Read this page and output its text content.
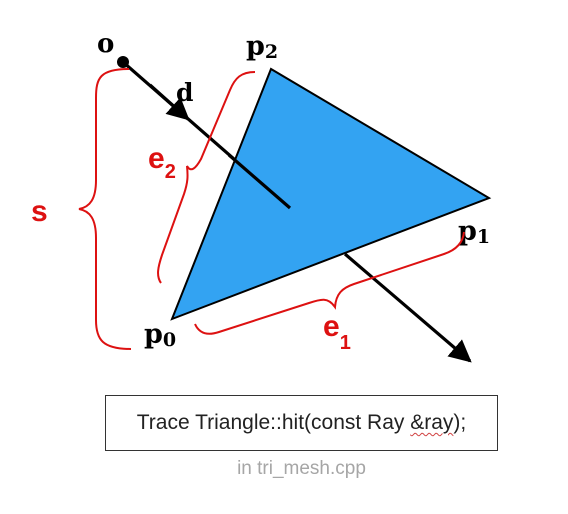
o
d
p2
p1
p0
s
$e_2$
$e_1$
Trace Triangle::hit(const Ray &ray );
in tri_mesh.cpp
